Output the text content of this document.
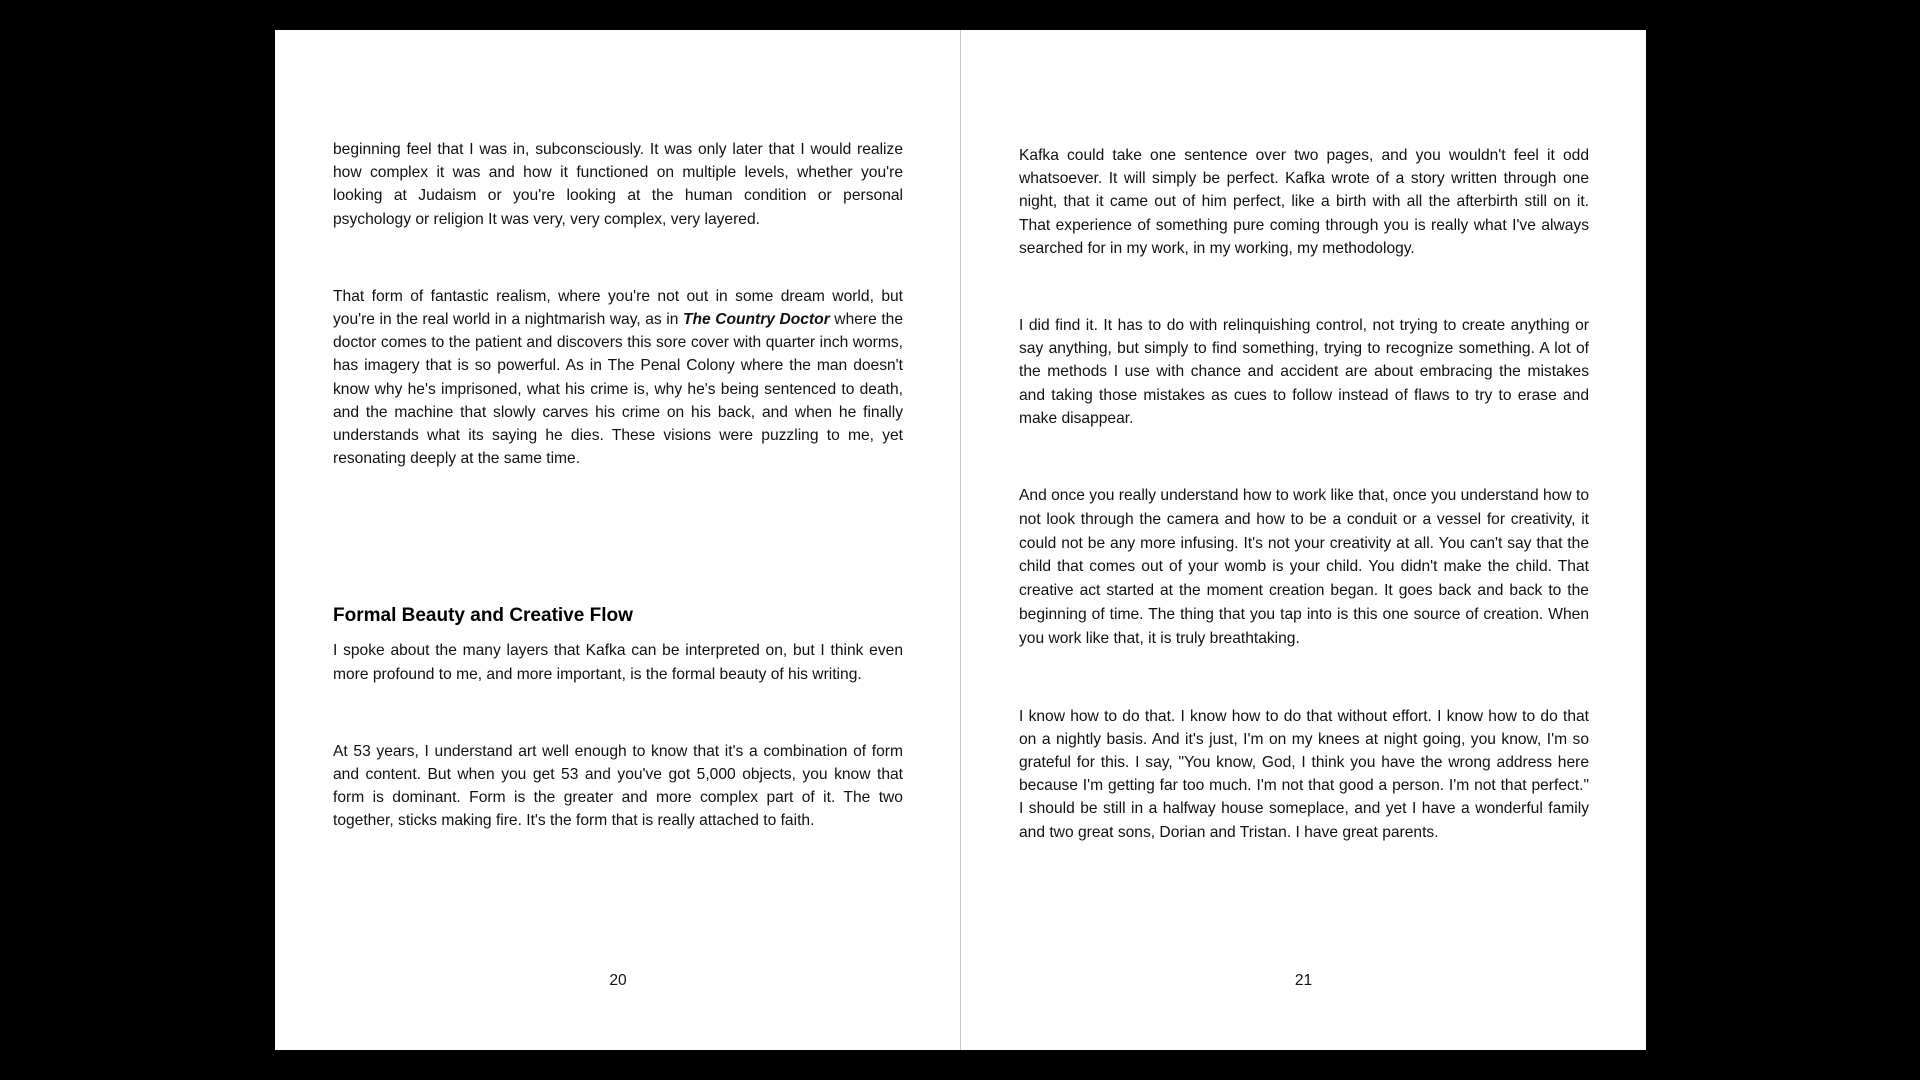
beginning feel that I was in, subconsciously. It was only later that I would realize how complex it was and how it functioned on multiple levels, whether you're looking at Judaism or you're looking at the human condition or personal psychology or religion It was very, very complex, very layered.

That form of fantastic realism, where you're not out in some dream world, but you're in the real world in a nightmarish way, as in The Country Doctor where the doctor comes to the patient and discovers this sore cover with quarter inch worms, has imagery that is so powerful. As in The Penal Colony where the man doesn't know why he's imprisoned, what his crime is, why he's being sentenced to death, and the machine that slowly carves his crime on his back, and when he finally understands what its saying he dies. These visions were puzzling to me, yet resonating deeply at the same time.

Formal Beauty and Creative Flow

I spoke about the many layers that Kafka can be interpreted on, but I think even more profound to me, and more important, is the formal beauty of his writing.

At 53 years, I understand art well enough to know that it's a combination of form and content. But when you get 53 and you've got 5,000 objects, you know that form is dominant. Form is the greater and more complex part of it. The two together, sticks making fire. It's the form that is really attached to faith.

20

Kafka could take one sentence over two pages, and you wouldn't feel it odd whatsoever. It will simply be perfect. Kafka wrote of a story written through one night, that it came out of him perfect, like a birth with all the afterbirth still on it. That experience of something pure coming through you is really what I've always searched for in my work, in my working, my methodology.

I did find it. It has to do with relinquishing control, not trying to create anything or say anything, but simply to find something, trying to recognize something. A lot of the methods I use with chance and accident are about embracing the mistakes and taking those mistakes as cues to follow instead of flaws to try to erase and make disappear.

And once you really understand how to work like that, once you understand how to not look through the camera and how to be a conduit or a vessel for creativity, it could not be any more infusing. It's not your creativity at all. You can't say that the child that comes out of your womb is your child. You didn't make the child. That creative act started at the moment creation began. It goes back and back to the beginning of time. The thing that you tap into is this one source of creation. When you work like that, it is truly breathtaking.

I know how to do that. I know how to do that without effort. I know how to do that on a nightly basis. And it's just, I'm on my knees at night going, you know, I'm so grateful for this. I say, "You know, God, I think you have the wrong address here because I'm getting far too much. I'm not that good a person. I'm not that perfect." I should be still in a halfway house someplace, and yet I have a wonderful family and two great sons, Dorian and Tristan. I have great parents.

21
